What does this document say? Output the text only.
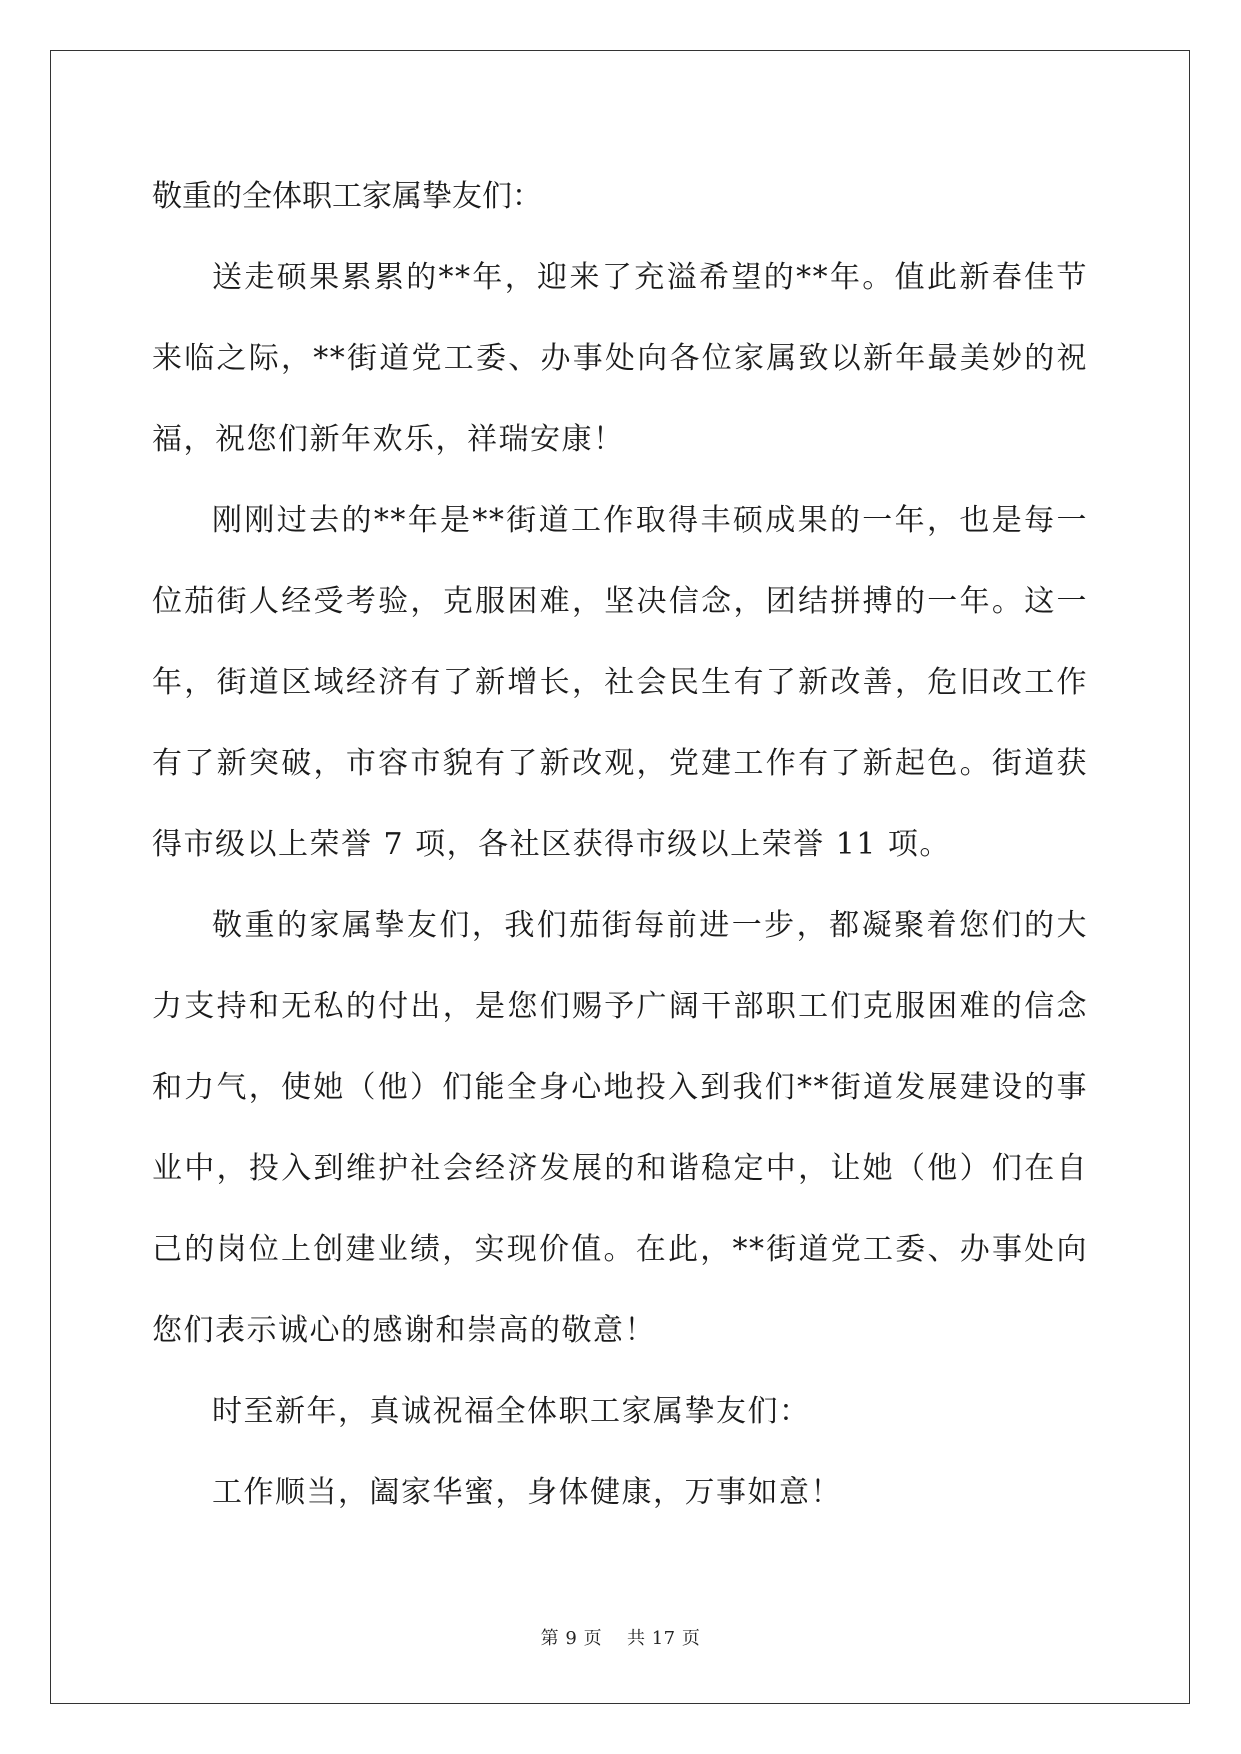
敬重的全体职工家属挚友们：

送走硕果累累的**年，迎来了充溢希望的**年。值此新春佳节来临之际，**街道党工委、办事处向各位家属致以新年最美妙的祝福，祝您们新年欢乐，祥瑞安康！

刚刚过去的**年是**街道工作取得丰硕成果的一年，也是每一位茄街人经受考验，克服困难，坚决信念，团结拼搏的一年。这一年，街道区域经济有了新增长，社会民生有了新改善，危旧改工作有了新突破，市容市貌有了新改观，党建工作有了新起色。街道获得市级以上荣誉 7 项，各社区获得市级以上荣誉 11 项。

敬重的家属挚友们，我们茄街每前进一步，都凝聚着您们的大力支持和无私的付出，是您们赐予广阔干部职工们克服困难的信念和力气，使她（他）们能全身心地投入到我们**街道发展建设的事业中，投入到维护社会经济发展的和谐稳定中，让她（他）们在自己的岗位上创建业绩，实现价值。在此，**街道党工委、办事处向您们表示诚心的感谢和崇高的敬意！

时至新年，真诚祝福全体职工家属挚友们：

工作顺当，阖家华蜜，身体健康，万事如意！

第 9 页 共 17 页
